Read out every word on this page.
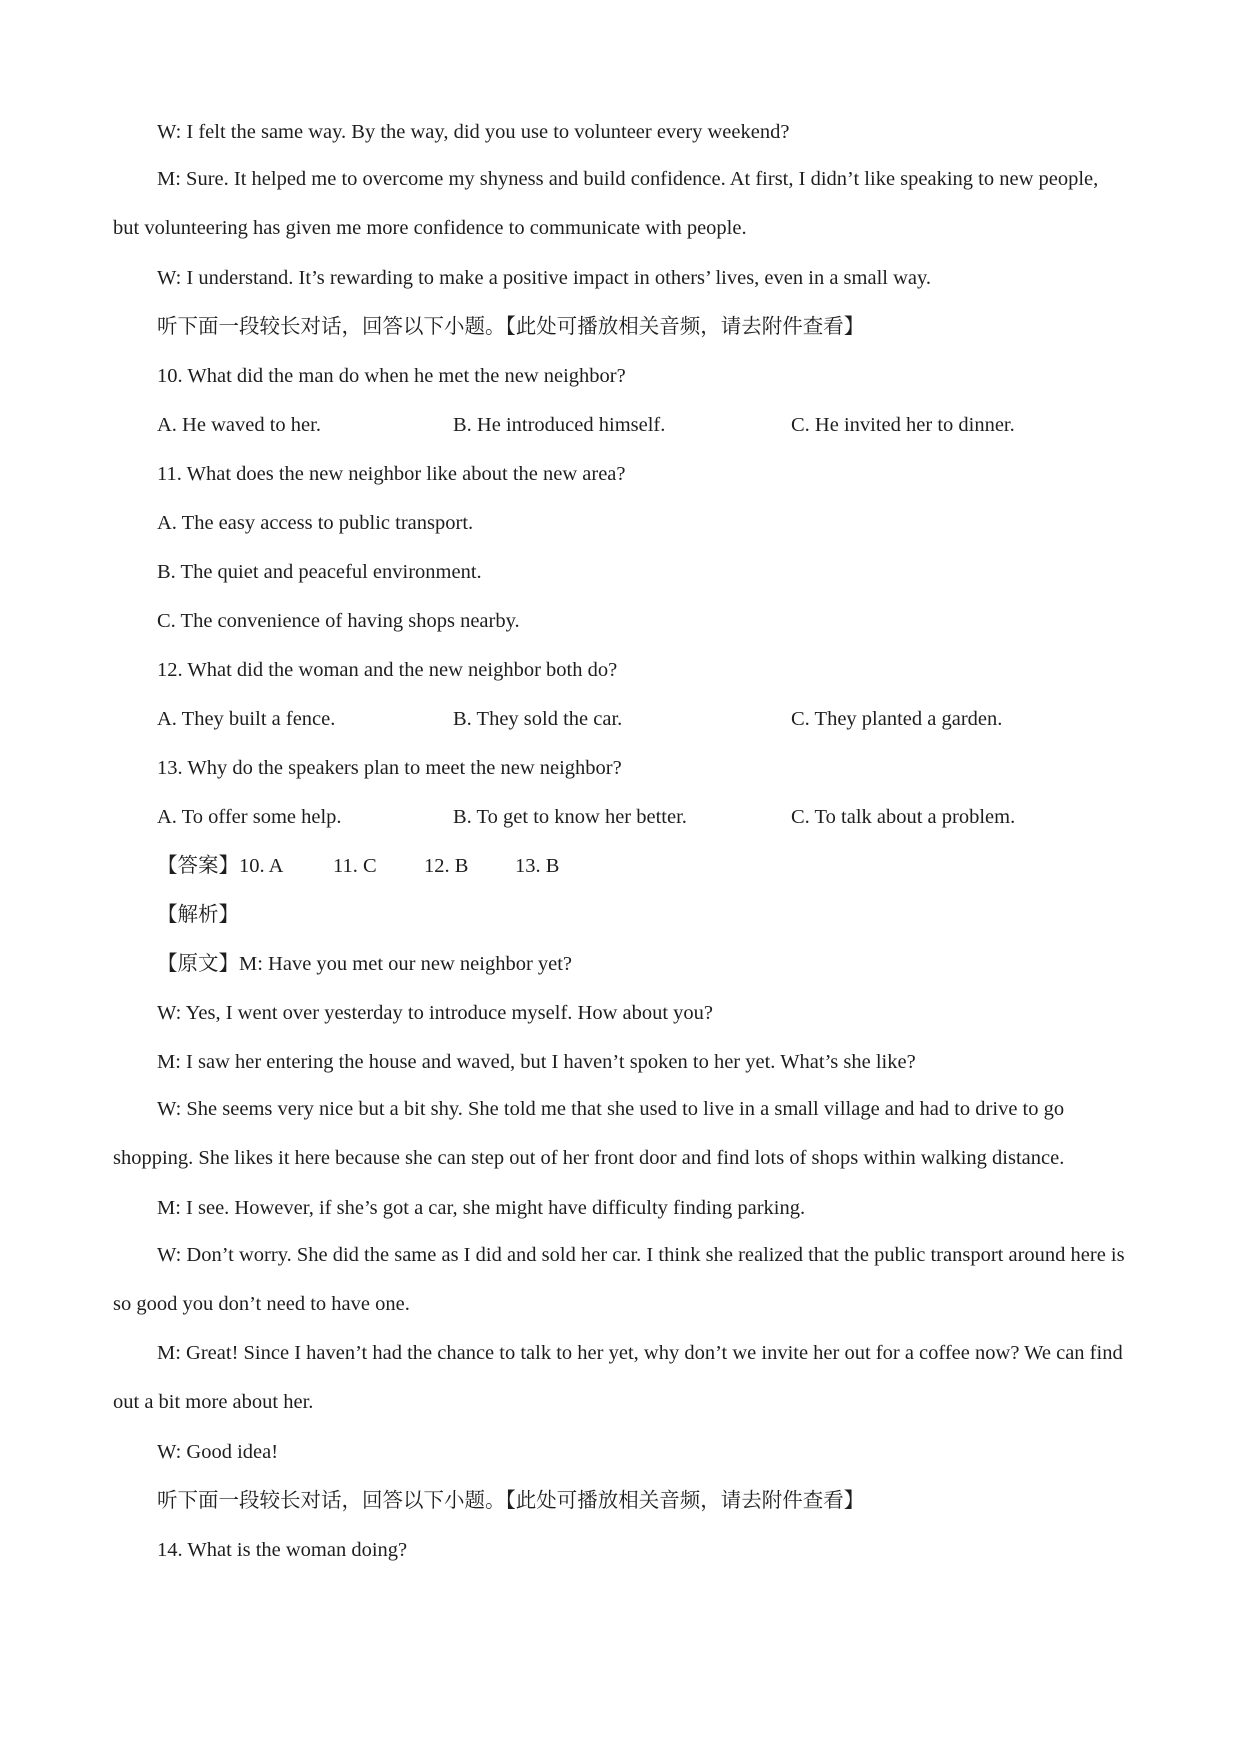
W: I felt the same way. By the way, did you use to volunteer every weekend?
M: Sure. It helped me to overcome my shyness and build confidence. At first, I didn’t like speaking to new people, but volunteering has given me more confidence to communicate with people.
W: I understand. It’s rewarding to make a positive impact in others’ lives, even in a small way.
听下面一段较长对话，回答以下小题。【此处可播放相关音频，请去附件查看】
10. What did the man do when he met the new neighbor?
A. He waved to her.	B. He introduced himself.	C. He invited her to dinner.
11. What does the new neighbor like about the new area?
A. The easy access to public transport.
B. The quiet and peaceful environment.
C. The convenience of having shops nearby.
12. What did the woman and the new neighbor both do?
A. They built a fence.	B. They sold the car.	C. They planted a garden.
13. Why do the speakers plan to meet the new neighbor?
A. To offer some help.	B. To get to know her better.	C. To talk about a problem.
【答案】10. A 11. C 12. B 13. B
【解析】
【原文】M: Have you met our new neighbor yet?
W: Yes, I went over yesterday to introduce myself. How about you?
M: I saw her entering the house and waved, but I haven’t spoken to her yet. What’s she like?
W: She seems very nice but a bit shy. She told me that she used to live in a small village and had to drive to go shopping. She likes it here because she can step out of her front door and find lots of shops within walking distance.
M: I see. However, if she’s got a car, she might have difficulty finding parking.
W: Don’t worry. She did the same as I did and sold her car. I think she realized that the public transport around here is so good you don’t need to have one.
M: Great! Since I haven’t had the chance to talk to her yet, why don’t we invite her out for a coffee now? We can find out a bit more about her.
W: Good idea!
听下面一段较长对话，回答以下小题。【此处可播放相关音频，请去附件查看】
14. What is the woman doing?
